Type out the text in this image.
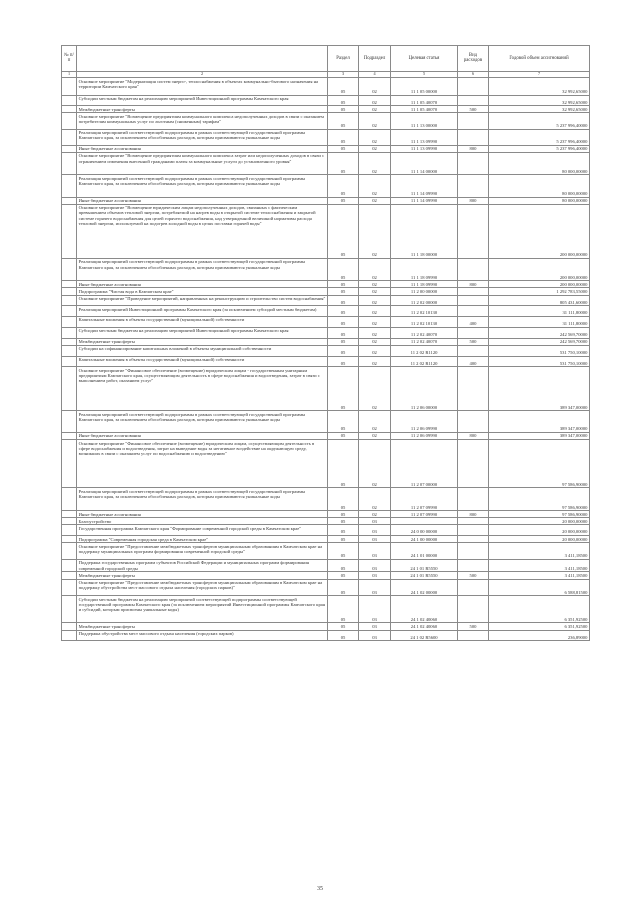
№ п/п		Раздел	Подраздел	Целевая статья	Вид расходов	Годовой объем ассигнований
1	2	3	4	5	6	7
	Основное мероприятие "Модернизация систем энерго-, теплоснабжения в объектах коммунально-бытового назначения на территории Камчатского края"	05	02	11 1 05 00000		32 992,65000
	Субсидии местным бюджетам на реализацию мероприятий Инвестиционной программы Камчатского края	05	02	11 1 05 40070		32 992,65000
	Межбюджетные трансферты	05	02	11 1 05 40070	500	32 992,65000
	Основное мероприятие "Возмещение предприятиям коммунального комплекса недополученных доходов в связи с оказанием потребителям коммунальных услуг по льготным (сниженным) тарифам"	05	02	11 1 13 00000		5 237 996,40000
	Реализация мероприятий соответствующей подпрограммы в рамках соответствующей государственной программы Камчатского края, за исключением обособленных расходов, которым присваиваются уникальные коды	05	02	11 1 13 09990		5 237 996,40000
	Иные бюджетные ассигнования	05	02	11 1 13 09990	800	5 237 996,40000
	Основное мероприятие "Возмещение предприятиям коммунального комплекса затрат или недополученных доходов в связи с ограничением изменения внесенной гражданами платы за коммунальные услуги до установленного уровня"	05	02	11 1 14 00000		80 000,00000
	Реализация мероприятий соответствующей подпрограммы в рамках соответствующей государственной программы Камчатского края, за исключением обособленных расходов, которым присваиваются уникальные коды	05	02	11 1 14 09990		80 000,00000
	Иные бюджетные ассигнования	05	02	11 1 14 09990	800	80 000,00000
	Основное мероприятие "Возмещение юридическим лицам недополученных доходов, связанных с фактическим превышением объемов тепловой энергии, потребляемой на нагрев воды в открытой системе теплоснабжения и закрытой системе горячего водоснабжения для целей горячего водоснабжения, над утвержденной величиной нормативы расхода тепловой энергии, используемой на подогрев холодной воды в целях поставки горячей воды"	05	02	11 1 18 00000		200 000,00000
	Реализация мероприятий соответствующей подпрограммы в рамках соответствующей государственной программы Камчатского края, за исключением обособленных расходов, которым присваиваются уникальные коды	05	02	11 1 18 09990		200 000,00000
	Иные бюджетные ассигнования	05	02	11 1 18 09990	800	200 000,00000
	Подпрограмма "Чистая вода в Камчатском крае"	05	02	11 2 00 00000		1 292 783,55000
	Основное мероприятие "Проведение мероприятий, направленных на реконструкцию и строительство систем водоснабжения"	05	02	11 2 02 00000		805 431,60000
	Реализация мероприятий Инвестиционной программы Камчатского края (за исключением субсидий местным бюджетам)	05	02	11 2 02 10130		31 111,80000
	Капитальные вложения в объекты государственной (муниципальной) собственности	05	02	11 2 02 10130	400	31 111,80000
	Субсидии местным бюджетам на реализацию мероприятий Инвестиционной программы Камчатского края	05	02	11 2 02 40070		242 569,70000
	Межбюджетные трансферты	05	02	11 2 02 40070	500	242 569,70000
	Субсидии на софинансирование капитальных вложений в объекты муниципальной собственности	05	02	11 2 02 R1120		531 750,10000
	Капитальные вложения в объекты государственной (муниципальной) собственности	05	02	11 2 02 R1120	400	531 750,10000
	Основное мероприятие "Финансовое обеспечение (возмещение) юридическим лицам - государственным унитарным предприятиям Камчатского края, осуществляющим деятельность в сфере водоснабжения и водоотведения, затрат в связи с выполнением работ, оказанием услуг"	05	02	11 2 06 00000		389 347,00000
	Реализация мероприятий соответствующей подпрограммы в рамках соответствующей государственной программы Камчатского края, за исключением обособленных расходов, которым присваиваются уникальные коды	05	02	11 2 06 09990		389 347,00000
	Иные бюджетные ассигнования	05	02	11 2 06 09990	800	389 347,00000
	Основное мероприятие "Финансовое обеспечение (возмещение) юридическим лицам, осуществляющим деятельность в сфере водоснабжения и водоотведения, затрат на выведение воды за негативное воздействие на окружающую среду, возникших в связи с оказанием услуг по водоснабжению и водоотведению"	05	02	11 2 07 00000		97 586,90000
	Реализация мероприятий соответствующей подпрограммы в рамках соответствующей государственной программы Камчатского края, за исключением обособленных расходов, которым присваиваются уникальные коды	05	02	11 2 07 09990		97 586,90000
	Иные бюджетные ассигнования	05	02	11 2 07 09990	800	97 586,90000
	Благоустройство	05	03			20 000,00000
	Государственная программа Камчатского края "Формирование современной городской среды в Камчатском крае"	05	03	24 0 00 00000		20 000,00000
	Подпрограмма "Современная городская среда в Камчатском крае"	05	03	24 1 00 00000		20 000,00000
	Основное мероприятие "Предоставление межбюджетных трансфертов муниципальным образованиям в Камчатском крае на поддержку муниципальных программ формирования современной городской среды"	05	03	24 1 01 00000		3 411,18500
	Поддержка государственных программ субъектов Российской Федерации и муниципальных программ формирования современной городской среды	05	03	24 1 01 R5550		3 411,18500
	Межбюджетные трансферты	05	03	24 1 01 R5550	500	3 411,18500
	Основное мероприятие "Предоставление межбюджетных трансфертов муниципальным образованиям в Камчатском крае на поддержку обустройства мест массового отдыха населения (городских парков)"	05	03	24 1 02 00000		6 588,81500
	Субсидии местным бюджетам на реализацию мероприятий соответствующей подпрограммы соответствующей государственной программы Камчатского края (за исключением мероприятий Инвестиционной программы Камчатского края и субсидий, которым присвоены уникальные коды)	05	03	24 1 02 40060		6 351,92500
	Межбюджетные трансферты	05	03	24 1 02 40060	500	6 351,92500
	Поддержка обустройства мест массового отдыха населения (городских парков)	05	03	24 1 02 R5600		236,89000
35
